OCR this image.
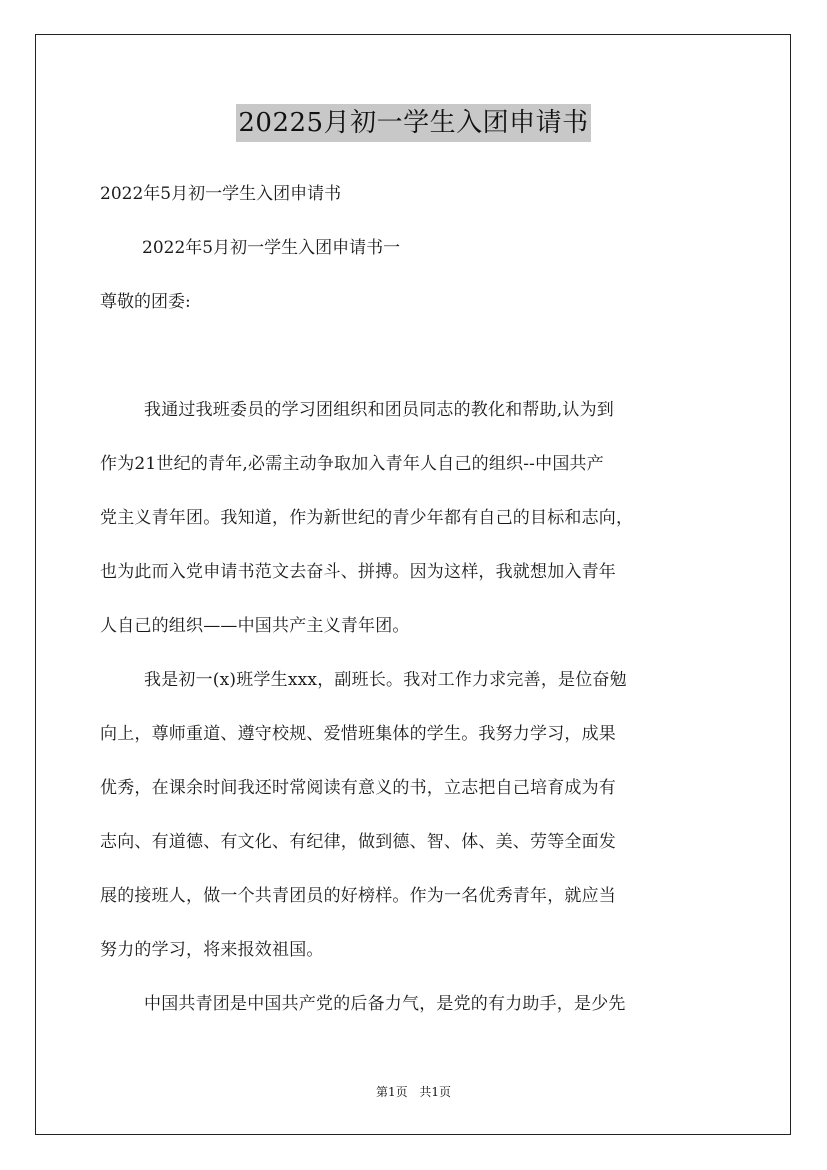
20225月初一学生入团申请书
2022年5月初一学生入团申请书
2022年5月初一学生入团申请书一
尊敬的团委:
我通过我班委员的学习团组织和团员同志的教化和帮助,认为到
作为21世纪的青年,必需主动争取加入青年人自己的组织--中国共产
党主义青年团。我知道，作为新世纪的青少年都有自己的目标和志向，
也为此而入党申请书范文去奋斗、拼搏。因为这样，我就想加入青年
人自己的组织——中国共产主义青年团。
我是初一(x)班学生xxx，副班长。我对工作力求完善，是位奋勉
向上，尊师重道、遵守校规、爱惜班集体的学生。我努力学习，成果
优秀，在课余时间我还时常阅读有意义的书，立志把自己培育成为有
志向、有道德、有文化、有纪律，做到德、智、体、美、劳等全面发
展的接班人，做一个共青团员的好榜样。作为一名优秀青年，就应当
努力的学习，将来报效祖国。
中国共青团是中国共产党的后备力气，是党的有力助手，是少先
第1页 共1页
